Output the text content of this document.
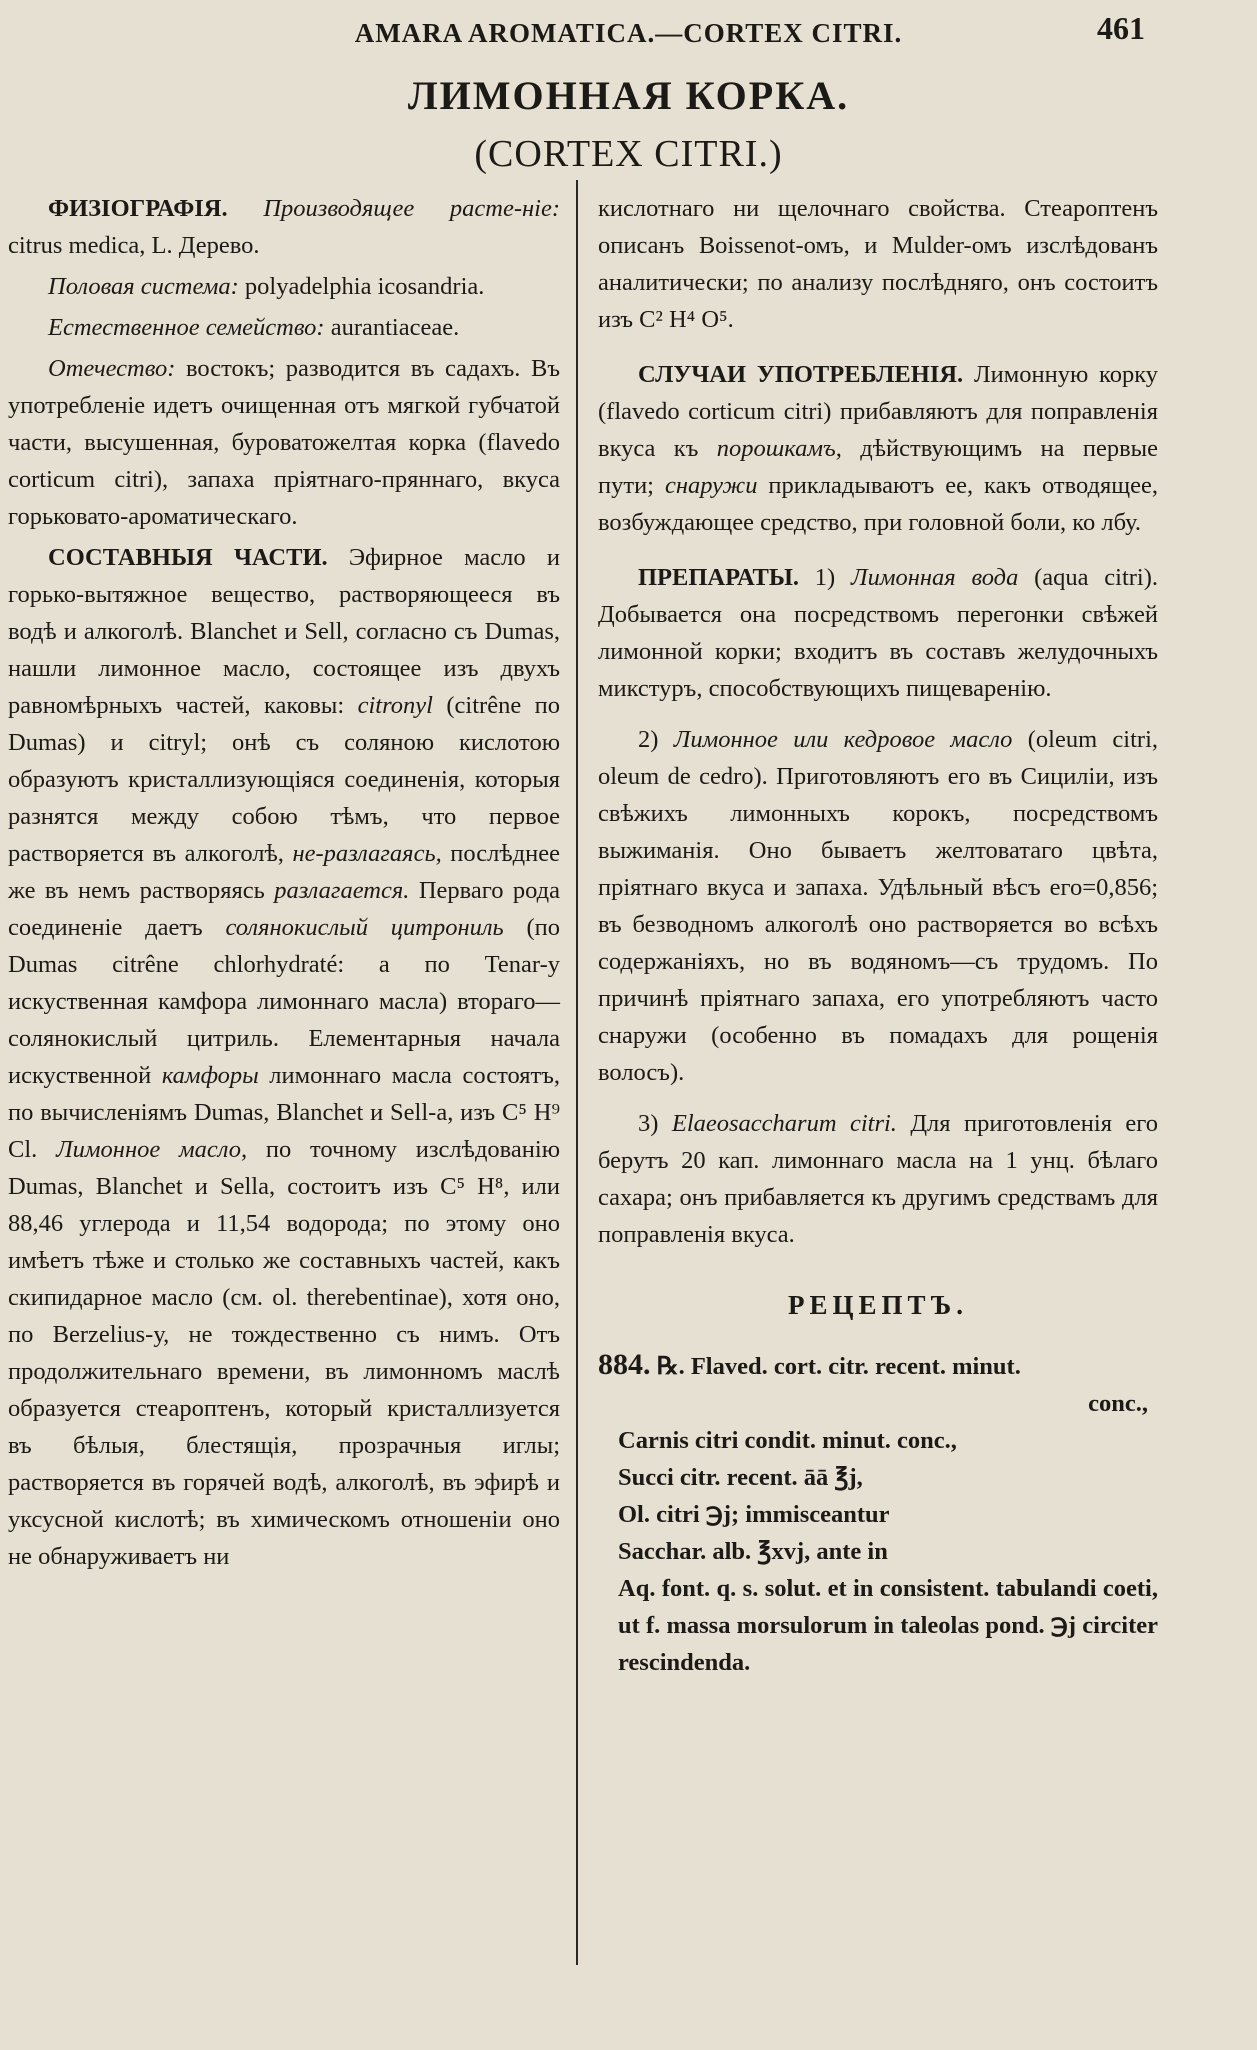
AMARA AROMATICA.—CORTEX CITRI.	461
ЛИМОННАЯ КОРКА.
(CORTEX CITRI.)

ФИЗІОГРАФІЯ. Производящее расте-ніе: citrus medica, L. Дерево.

Половая система: polyadelphia icosandria.

Естественное семейство: aurantiaceae.

Отечество: востокъ; разводится въ садахъ. Въ употребленіе идетъ очищенная отъ мягкой губчатой части, высушенная, буроватожелтая корка (flavedo corticum citri), запаха пріятнаго-пряннаго, вкуса горьковато-ароматическаго.

СОСТАВНЫЯ ЧАСТИ. Эфирное масло и горько-вытяжное вещество, растворяющееся въ водѣ и алкоголѣ. Blanchet и Sell, согласно съ Dumas, нашли лимонное масло, состоящее изъ двухъ равномѣрныхъ частей, каковы: citronyl (citrêne по Dumas) и citryl; онѣ съ соляною кислотою образуютъ кристаллизующіяся соединенія, которыя разнятся между собою тѣмъ, что первое растворяется въ алкоголѣ, не-разлагаясь, послѣднее же въ немъ растворяясь разлагается. Перваго рода соединеніе даетъ солянокислый цитрониль (по Dumas citrêne chlorhydraté: а по Tenar-у искуственная камфора лимоннаго масла) втораго—солянокислый цитриль. Елементарныя начала искуственной камфоры лимоннаго масла состоятъ, по вычисленіямъ Dumas, Blanchet и Sell-a, изъ C⁵ H⁹ Cl. Лимонное масло, по точному изслѣдованію Dumas, Blanchet и Sella, состоитъ изъ C⁵ H⁸, или 88,46 углерода и 11,54 водорода; по этому оно имѣетъ тѣже и столько же составныхъ частей, какъ скипидарное масло (см. ol. therebentinae), хотя оно, по Berzelius-у, не тождественно съ нимъ. Отъ продолжительнаго времени, въ лимонномъ маслѣ образуется стеароптенъ, который кристаллизуется въ бѣлыя, блестящія, прозрачныя иглы; растворяется въ горячей водѣ, алкоголѣ, въ эфирѣ и уксусной кислотѣ; въ химическомъ отношеніи оно не обнаруживаетъ ни

кислотнаго ни щелочнаго свойства. Стеароптенъ описанъ Boissenot-омъ, и Mulder-омъ изслѣдованъ аналитически; по анализу послѣдняго, онъ состоитъ изъ C² H⁴ O⁵.

СЛУЧАИ УПОТРЕБЛЕНІЯ. Лимонную корку (flavedo corticum citri) прибавляютъ для поправленія вкуса къ порошкамъ, дѣйствующимъ на первые пути; снаружи прикладываютъ ее, какъ отводящее, возбуждающее средство, при головной боли, ко лбу.

ПРЕПАРАТЫ. 1) Лимонная вода (aqua citri). Добывается она посредствомъ перегонки свѣжей лимонной корки; входитъ въ составъ желудочныхъ микстуръ, способствующихъ пищеваренію.

2) Лимонное или кедровое масло (oleum citri, oleum de cedro). Приготовляютъ его въ Сициліи, изъ свѣжихъ лимонныхъ корокъ, посредствомъ выжиманія. Оно бываетъ желтоватаго цвѣта, пріятнаго вкуса и запаха. Удѣльный вѣсъ его=0,856; въ безводномъ алкоголѣ оно растворяется во всѣхъ содержаніяхъ, но въ водяномъ—съ трудомъ. По причинѣ пріятнаго запаха, его употребляютъ часто снаружи (особенно въ помадахъ для рощенія волосъ).

3) Elaeosaccharum citri. Для приготовленія его берутъ 20 кап. лимоннаго масла на 1 унц. бѣлаго сахара; онъ прибавляется къ другимъ средствамъ для поправленія вкуса.

РЕЦЕПТЪ.
884. ℞. Flaved. cort. citr. recent. minut.
conc.,
Carnis citri condit. minut. conc.,
Succi citr. recent. āā ℥j,
Ol. citri ℈j; immisceantur
Sacchar. alb. ℥xvj, ante in
Aq. font. q. s. solut. et in consistent. tabulandi coeti, ut f. massa morsulorum in taleolas pond. ℈j circiter rescindenda.
